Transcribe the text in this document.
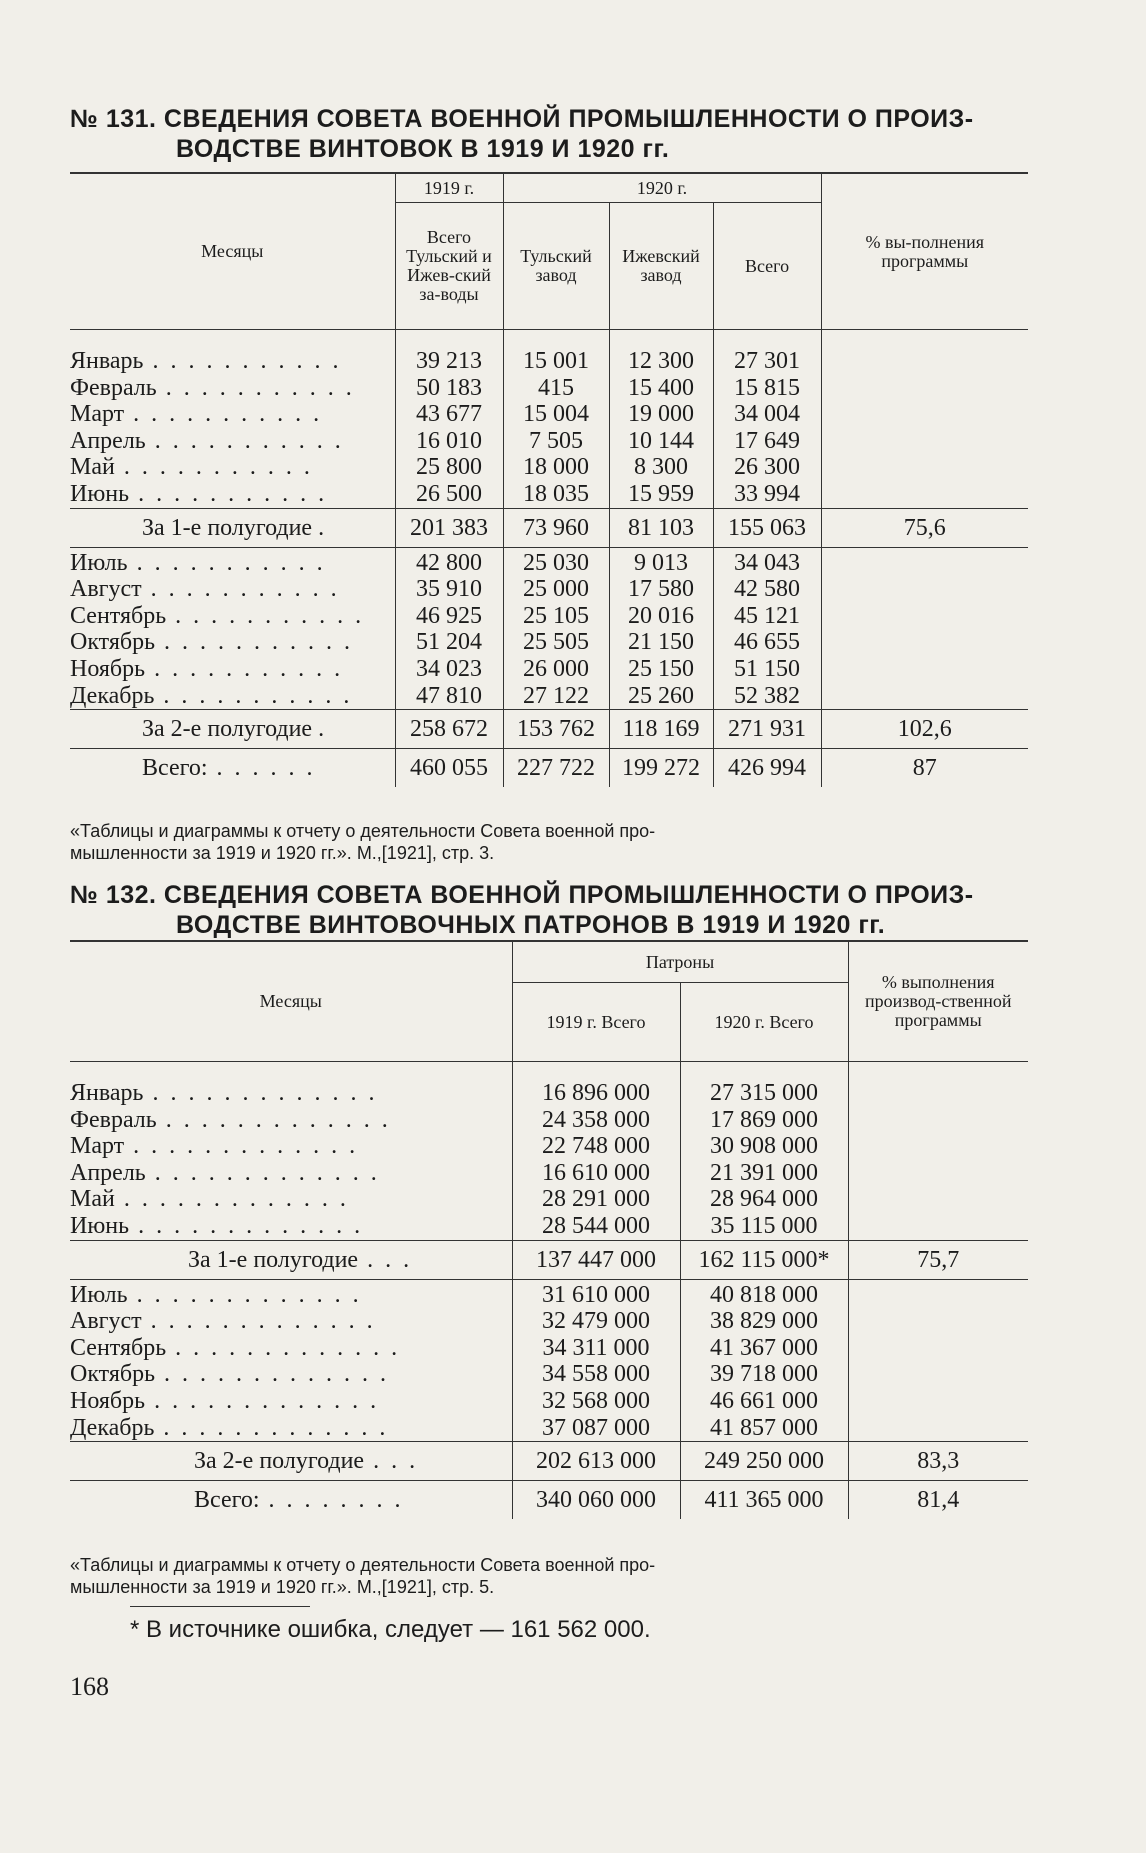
№ 131. СВЕДЕНИЯ СОВЕТА ВОЕННОЙ ПРОМЫШЛЕННОСТИ О ПРОИЗ-
ВОДСТВЕ ВИНТОВОК В 1919 И 1920 гг.
Месяцы	1919 г.	1920 г.			% вы-полнения программы
	Всего Тульский и Ижев-ский за-воды	Тульский завод	Ижевский завод	Всего	
Январь . . . . . . . . . . .	39 213	15 001	12 300	27 301	
Февраль . . . . . . . . . . .	50 183	415	15 400	15 815	
Март . . . . . . . . . . .	43 677	15 004	19 000	34 004	
Апрель . . . . . . . . . . .	16 010	7 505	10 144	17 649	
Май . . . . . . . . . . .	25 800	18 000	8 300	26 300	
Июнь . . . . . . . . . . .	26 500	18 035	15 959	33 994	
За 1-е полугодие .	201 383	73 960	81 103	155 063	75,6
Июль . . . . . . . . . . .	42 800	25 030	9 013	34 043	
Август . . . . . . . . . . .	35 910	25 000	17 580	42 580	
Сентябрь . . . . . . . . . . .	46 925	25 105	20 016	45 121	
Октябрь . . . . . . . . . . .	51 204	25 505	21 150	46 655	
Ноябрь . . . . . . . . . . .	34 023	26 000	25 150	51 150	
Декабрь . . . . . . . . . . .	47 810	27 122	25 260	52 382	
За 2-е полугодие .	258 672	153 762	118 169	271 931	102,6
Всего: . . . . . .	460 055	227 722	199 272	426 994	87

«Таблицы и диаграммы к отчету о деятельности Совета военной про-
мышленности за 1919 и 1920 гг.». М.,[1921], стр. 3.

№ 132. СВЕДЕНИЯ СОВЕТА ВОЕННОЙ ПРОМЫШЛЕННОСТИ О ПРОИЗ-
ВОДСТВЕ ВИНТОВОЧНЫХ ПАТРОНОВ В 1919 И 1920 гг.
Месяцы	Патроны		% выполнения производ-ственной программы
	1919 г. Всего	1920 г. Всего	
Январь . . . . . . . . . . . . .	16 896 000	27 315 000	
Февраль . . . . . . . . . . . . .	24 358 000	17 869 000	
Март . . . . . . . . . . . . .	22 748 000	30 908 000	
Апрель . . . . . . . . . . . . .	16 610 000	21 391 000	
Май . . . . . . . . . . . . .	28 291 000	28 964 000	
Июнь . . . . . . . . . . . . .	28 544 000	35 115 000	
За 1-е полугодие . . .	137 447 000	162 115 000*	75,7
Июль . . . . . . . . . . . . .	31 610 000	40 818 000	
Август . . . . . . . . . . . . .	32 479 000	38 829 000	
Сентябрь . . . . . . . . . . . . .	34 311 000	41 367 000	
Октябрь . . . . . . . . . . . . .	34 558 000	39 718 000	
Ноябрь . . . . . . . . . . . . .	32 568 000	46 661 000	
Декабрь . . . . . . . . . . . . .	37 087 000	41 857 000	
За 2-е полугодие . . .	202 613 000	249 250 000	83,3
Всего: . . . . . . . .	340 060 000	411 365 000	81,4

«Таблицы и диаграммы к отчету о деятельности Совета военной про-
мышленности за 1919 и 1920 гг.». М.,[1921], стр. 5.

* В источнике ошибка, следует — 161 562 000.

168
